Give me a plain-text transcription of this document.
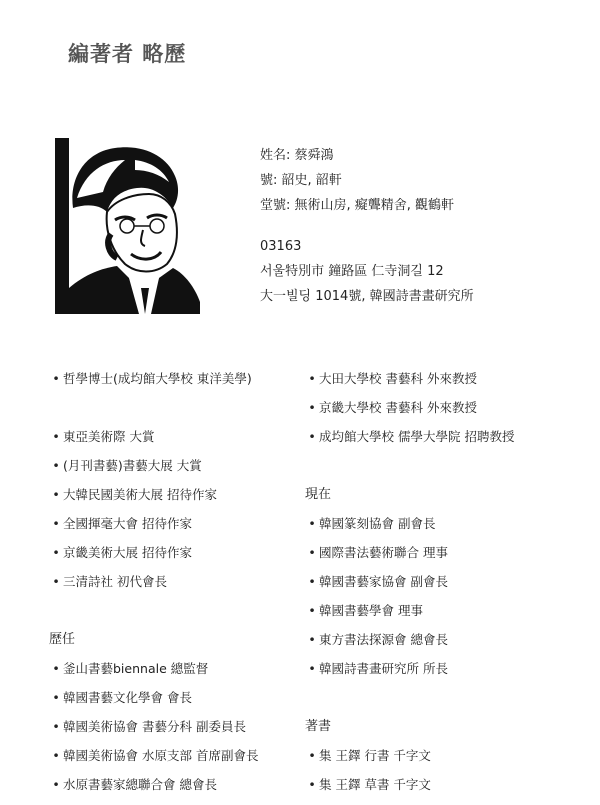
編著者 略歷
姓名: 蔡舜鴻
號: 韶史, 韶軒
堂號: 無術山房, 癡聾精舍, 觀鶴軒
03163
서울特別市 鐘路區 仁寺洞길 12
大一빌딩 1014號, 韓國詩書畫研究所
• 哲學博士(成均館大學校 東洋美學)
• 東亞美術際 大賞
• (月刊書藝)書藝大展 大賞
• 大韓民國美術大展 招待作家
• 全國揮毫大會 招待作家
• 京畿美術大展 招待作家
• 三清詩社 初代會長
歷任
• 釜山書藝biennale 總監督
• 韓國書藝文化學會 會長
• 韓國美術協會 書藝分科 副委員長
• 韓國美術協會 水原支部 首席副會長
• 水原書藝家總聯合會 總會長
• 大田大學校 書藝科 外來教授
• 京畿大學校 書藝科 外來教授
• 成均館大學校 儒學大學院 招聘教授
現在
• 韓國篆刻協會 副會長
• 國際書法藝術聯合 理事
• 韓國書藝家協會 副會長
• 韓國書藝學會 理事
• 東方書法探源會 總會長
• 韓國詩書畫研究所 所長
著書
• 集 王鐸 行書 千字文
• 集 王鐸 草書 千字文
